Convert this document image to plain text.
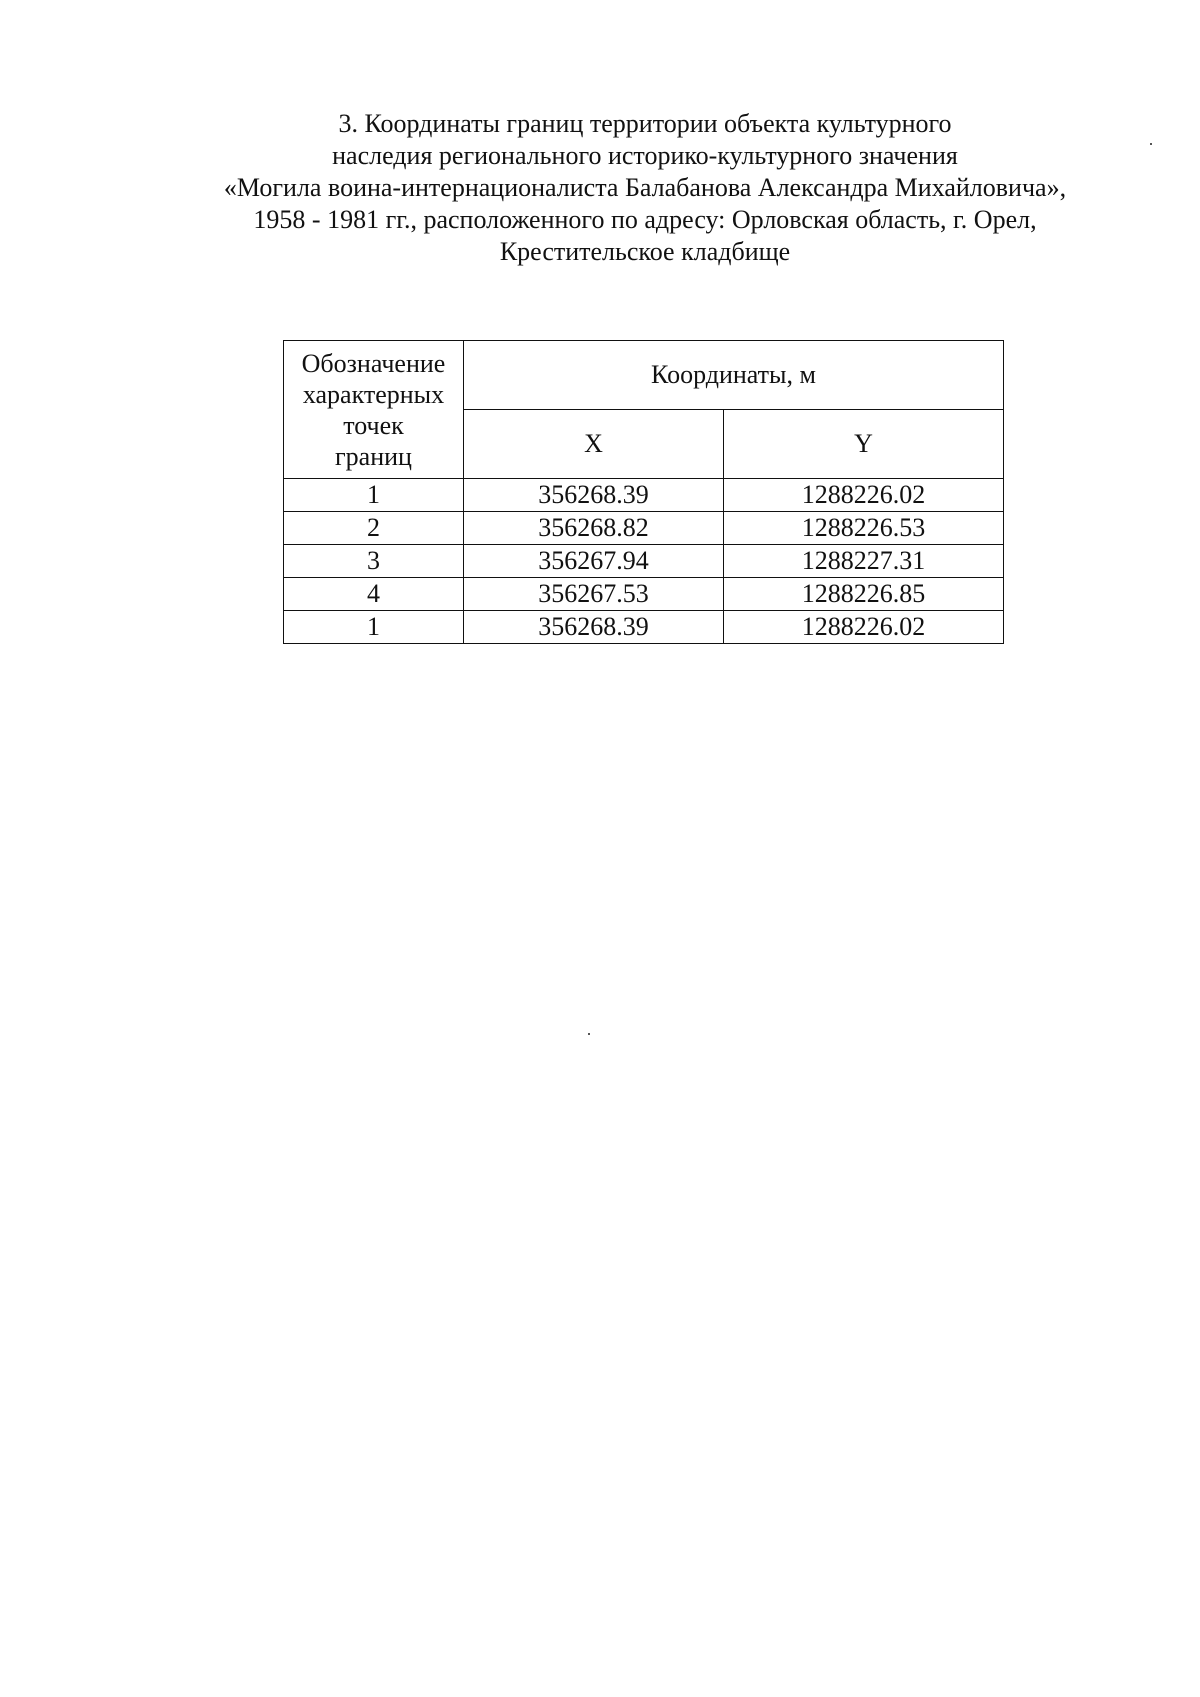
3. Координаты границ территории объекта культурного
наследия регионального историко-культурного значения
«Могила воина-интернационалиста Балабанова Александра Михайловича»,
1958 - 1981 гг., расположенного по адресу: Орловская область, г. Орел,
Крестительское кладбище
Обозначение
характерных
точек
границ	Координаты, м	
	X	Y
1	356268.39	1288226.02
2	356268.82	1288226.53
3	356267.94	1288227.31
4	356267.53	1288226.85
1	356268.39	1288226.02
